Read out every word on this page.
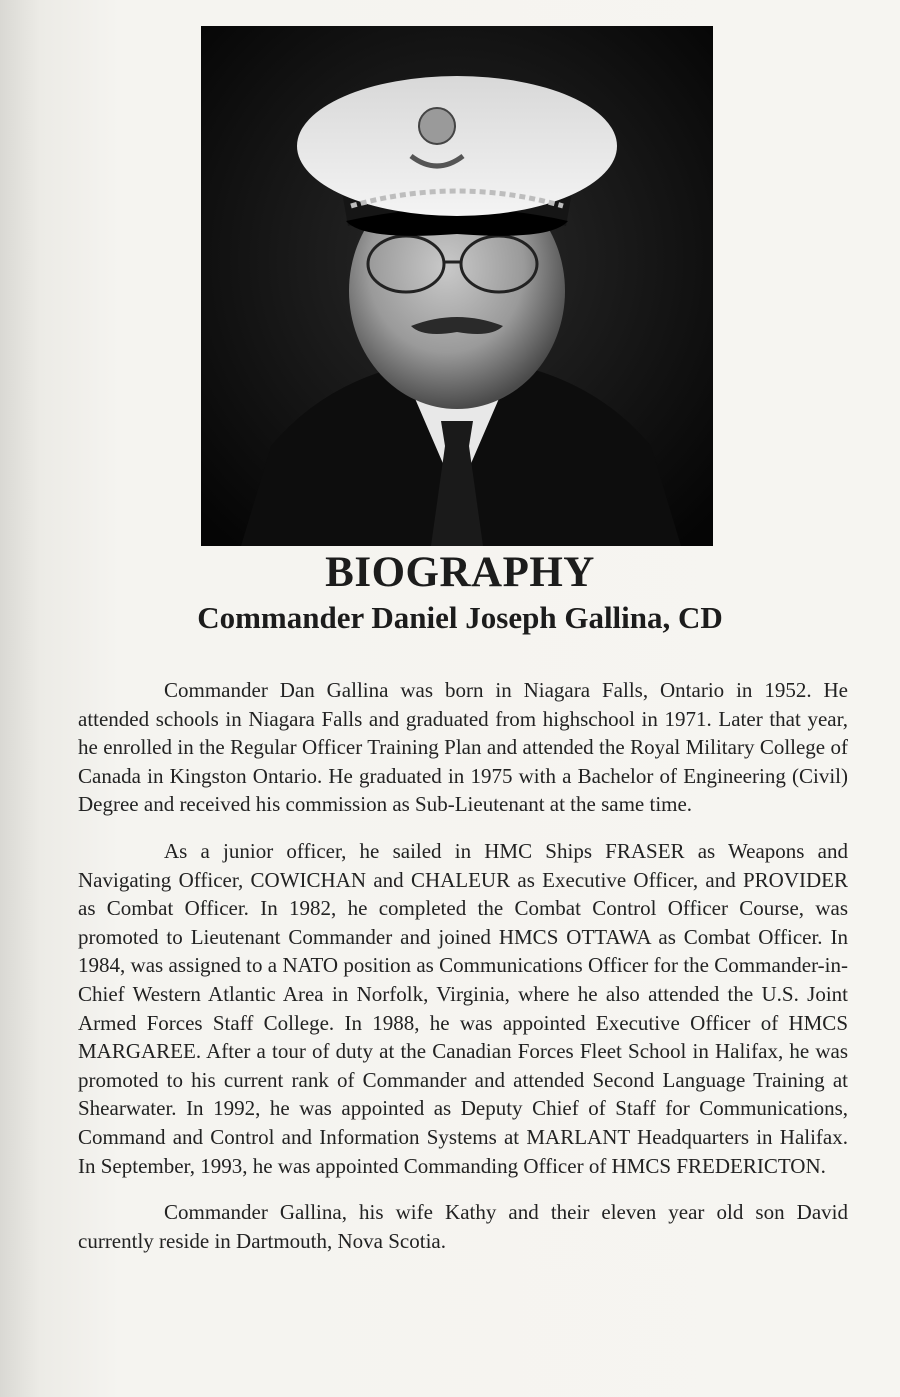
BIOGRAPHY
Commander Daniel Joseph Gallina, CD

Commander Dan Gallina was born in Niagara Falls, Ontario in 1952. He attended schools in Niagara Falls and graduated from highschool in 1971. Later that year, he enrolled in the Regular Officer Training Plan and attended the Royal Military College of Canada in Kingston Ontario. He graduated in 1975 with a Bachelor of Engineering (Civil) Degree and received his commission as Sub-Lieutenant at the same time.

As a junior officer, he sailed in HMC Ships FRASER as Weapons and Navigating Officer, COWICHAN and CHALEUR as Executive Officer, and PROVIDER as Combat Officer. In 1982, he completed the Combat Control Officer Course, was promoted to Lieutenant Commander and joined HMCS OTTAWA as Combat Officer. In 1984, was assigned to a NATO position as Communications Officer for the Commander-in-Chief Western Atlantic Area in Norfolk, Virginia, where he also attended the U.S. Joint Armed Forces Staff College. In 1988, he was appointed Executive Officer of HMCS MARGAREE. After a tour of duty at the Canadian Forces Fleet School in Halifax, he was promoted to his current rank of Commander and attended Second Language Training at Shearwater. In 1992, he was appointed as Deputy Chief of Staff for Communications, Command and Control and Information Systems at MARLANT Headquarters in Halifax. In September, 1993, he was appointed Commanding Officer of HMCS FREDERICTON.

Commander Gallina, his wife Kathy and their eleven year old son David currently reside in Dartmouth, Nova Scotia.
